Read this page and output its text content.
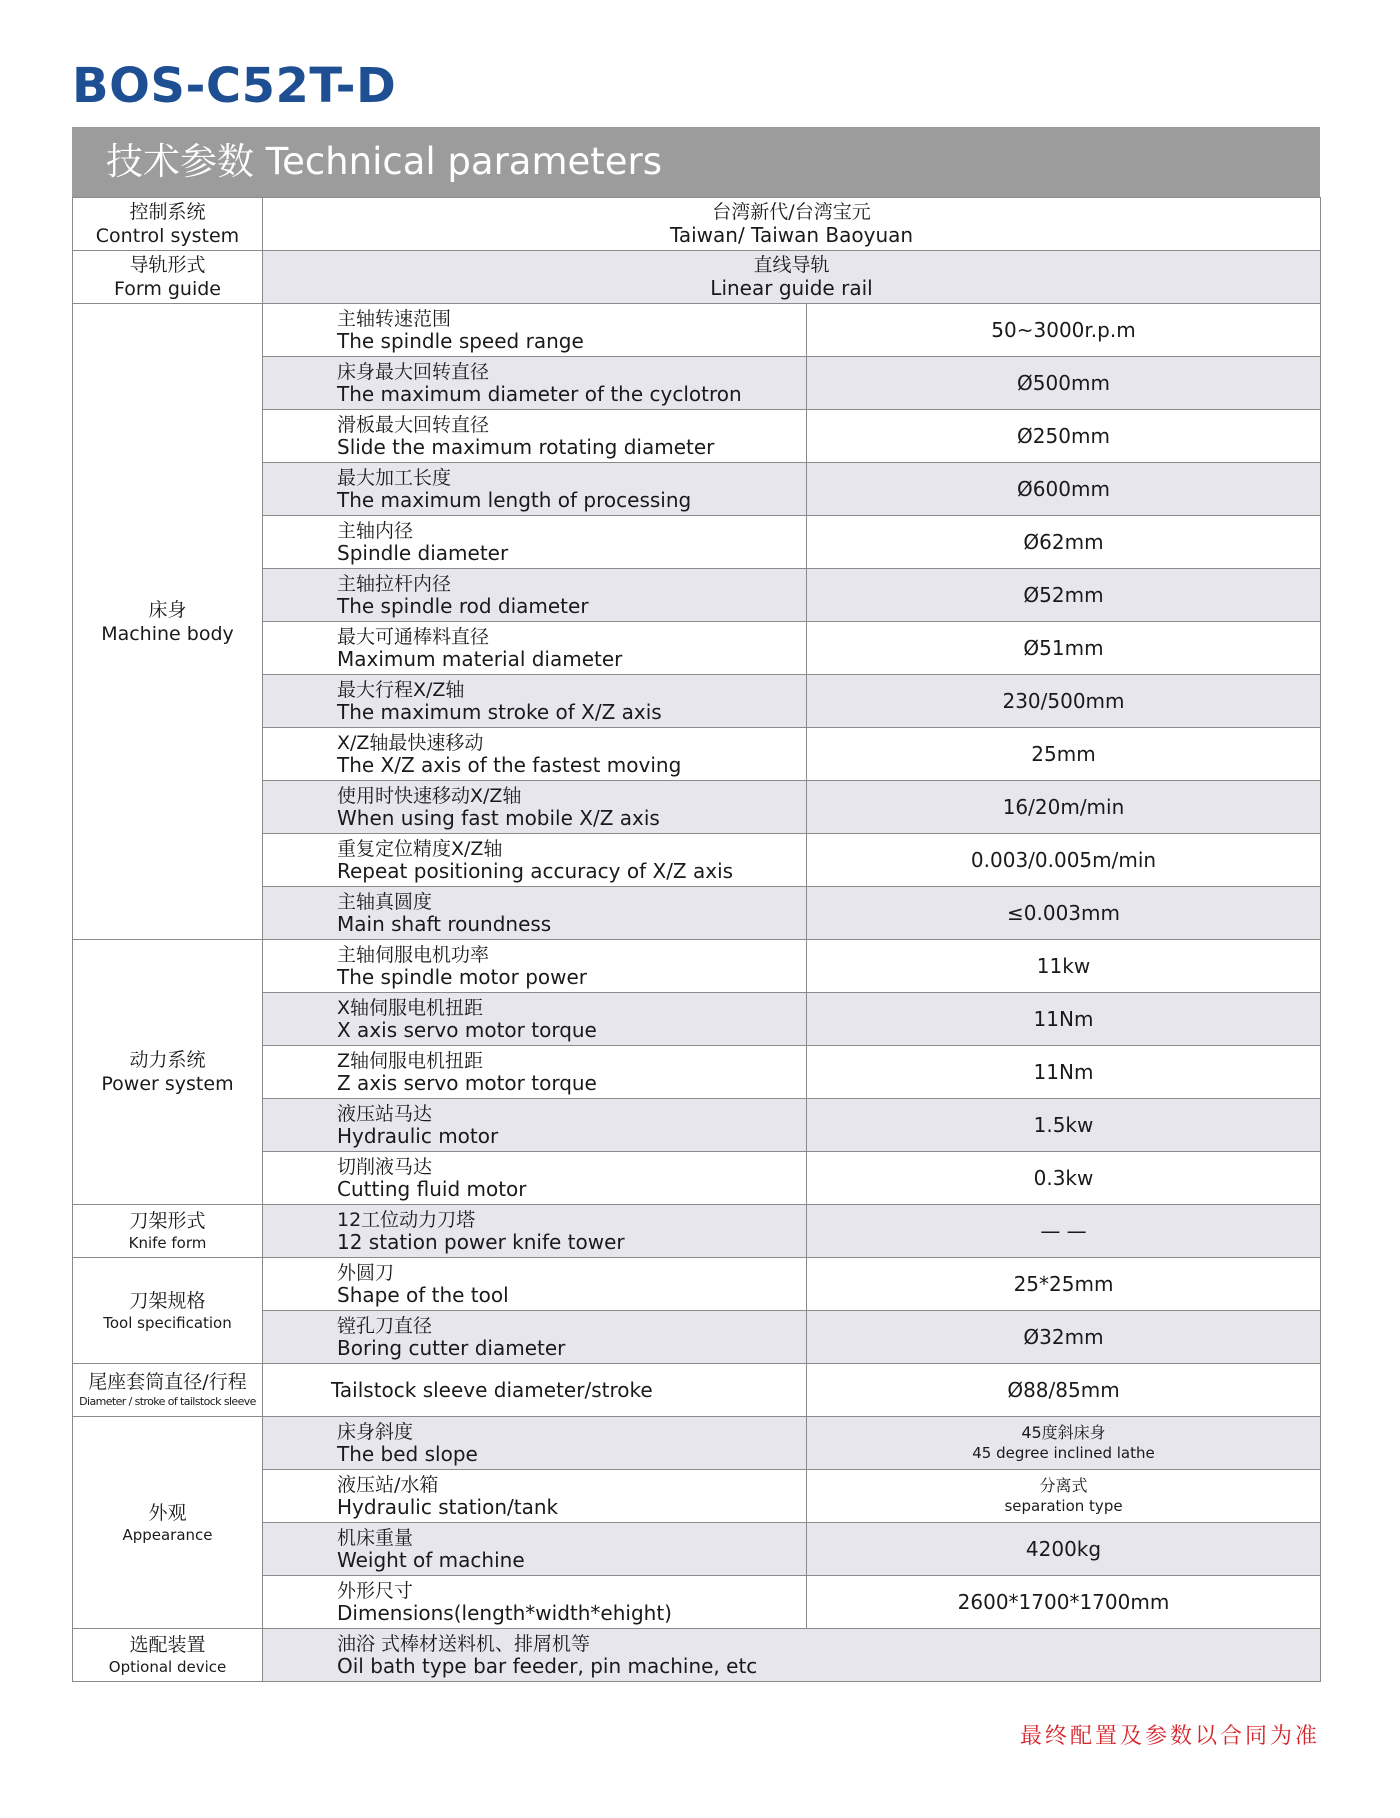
BOS-C52T-D
技术参数 Technical parameters
控制系统
Control system	台湾新代/台湾宝元
Taiwan/ Taiwan Baoyuan	

导轨形式
Form guide	直线导轨
Linear guide rail	

床身
Machine body	主轴转速范围
The spindle speed range	50~3000r.p.m

	床身最大回转直径
The maximum diameter of the cyclotron	Ø500mm

	滑板最大回转直径
Slide the maximum rotating diameter	Ø250mm

	最大加工长度
The maximum length of processing	Ø600mm

	主轴内径
Spindle diameter	Ø62mm

	主轴拉杆内径
The spindle rod diameter	Ø52mm

	最大可通棒料直径
Maximum material diameter	Ø51mm

	最大行程X/Z轴
The maximum stroke of X/Z axis	230/500mm

	X/Z轴最快速移动
The X/Z axis of the fastest moving	25mm

	使用时快速移动X/Z轴
When using fast mobile X/Z axis	16/20m/min

	重复定位精度X/Z轴
Repeat positioning accuracy of X/Z axis	0.003/0.005m/min

	主轴真圆度
Main shaft roundness	≤0.003mm

动力系统
Power system	主轴伺服电机功率
The spindle motor power	11kw

	X轴伺服电机扭距
X axis servo motor torque	11Nm

	Z轴伺服电机扭距
Z axis servo motor torque	11Nm

	液压站马达
Hydraulic motor	1.5kw

	切削液马达
Cutting fluid motor	0.3kw

刀架形式
Knife form	12工位动力刀塔
12 station power knife tower	— —

刀架规格
Tool specification	外圆刀
Shape of the tool	25*25mm

	镗孔刀直径
Boring cutter diameter	Ø32mm

尾座套筒直径/行程
Diameter / stroke of tailstock sleeve	Tailstock sleeve diameter/stroke	Ø88/85mm

外观
Appearance	床身斜度
The bed slope	45度斜床身
45 degree inclined lathe

	液压站/水箱
Hydraulic station/tank	分离式
separation type

	机床重量
Weight of machine	4200kg

	外形尺寸
Dimensions(length*width*ehight)	2600*1700*1700mm

选配装置
Optional device	油浴 式棒材送料机、排屑机等
Oil bath type bar feeder, pin machine, etc	
最终配置及参数以合同为准
